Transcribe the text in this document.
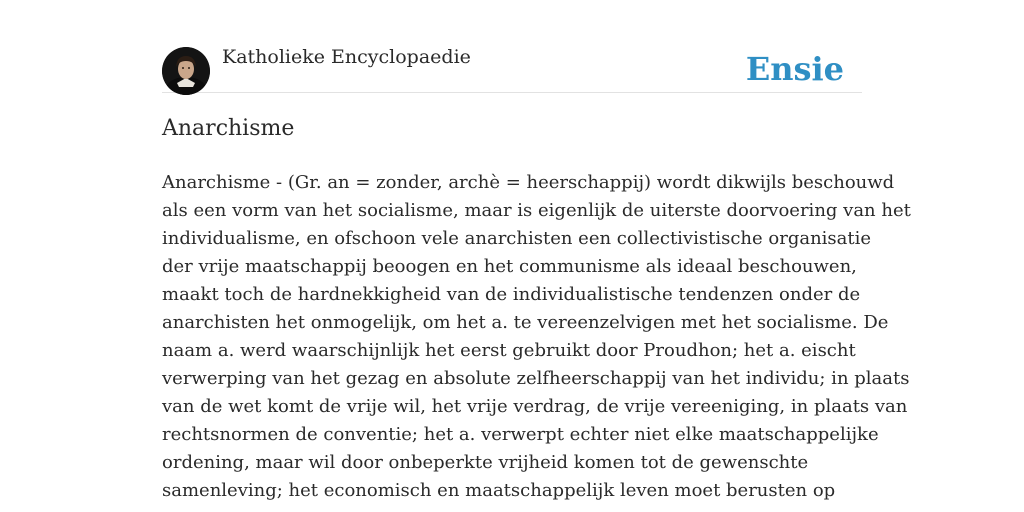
Katholieke Encyclopaedie	Ensie
Anarchisme
Anarchisme - (Gr. an = zonder, archè = heerschappij) wordt dikwijls beschouwd
als een vorm van het socialisme, maar is eigenlijk de uiterste doorvoering van het
individualisme, en ofschoon vele anarchisten een collectivistische organisatie
der vrije maatschappij beoogen en het communisme als ideaal beschouwen,
maakt toch de hardnekkigheid van de individualistische tendenzen onder de
anarchisten het onmogelijk, om het a. te vereenzelvigen met het socialisme. De
naam a. werd waarschijnlijk het eerst gebruikt door Proudhon; het a. eischt
verwerping van het gezag en absolute zelfheerschappij van het individu; in plaats
van de wet komt de vrije wil, het vrije verdrag, de vrije vereeniging, in plaats van
rechtsnormen de conventie; het a. verwerpt echter niet elke maatschappelijke
ordening, maar wil door onbeperkte vrijheid komen tot de gewenschte
samenleving; het economisch en maatschappelijk leven moet berusten op
